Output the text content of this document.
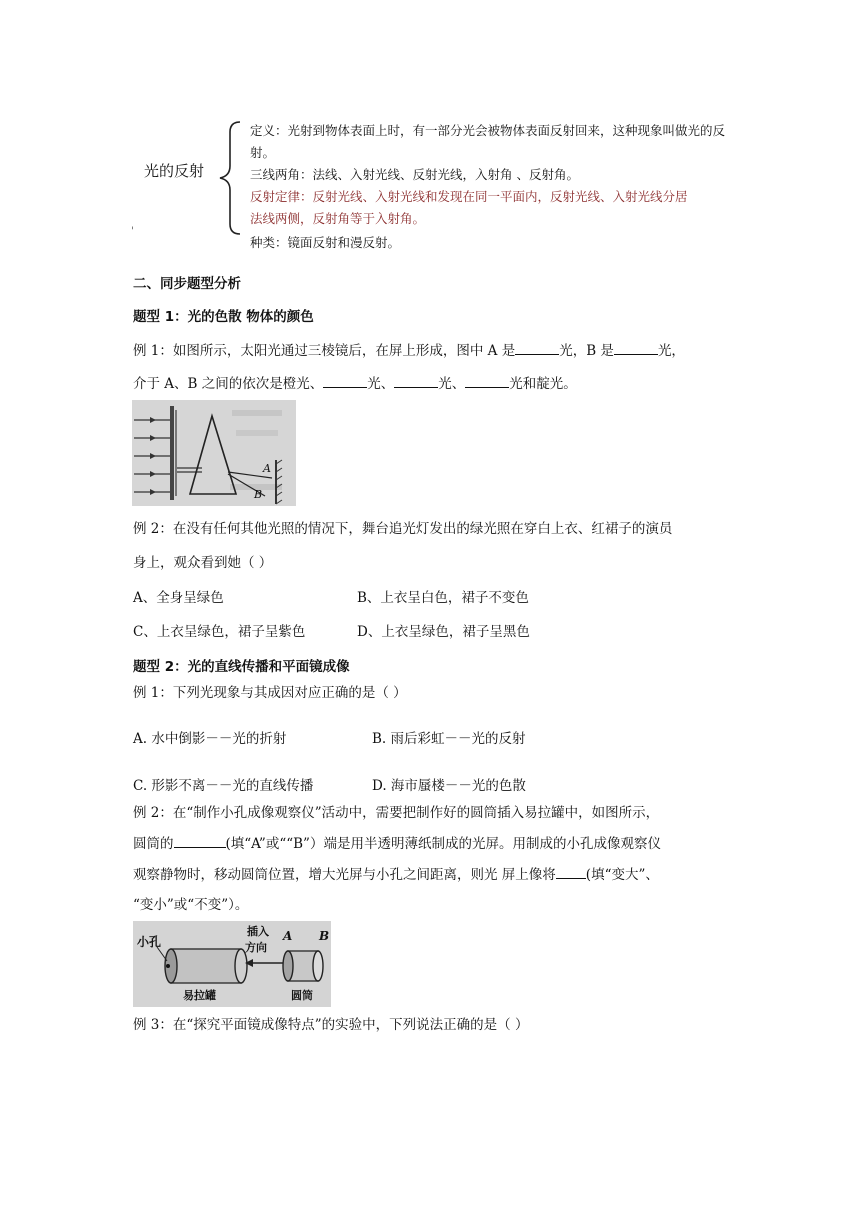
光的反射
定义：光射到物体表面上时，有一部分光会被物体表面反射回来，这种现象叫做光的反
射。
三线两角：法线、入射光线、反射光线，入射角 、反射角。
反射定律：反射光线、入射光线和发现在同一平面内，反射光线、入射光线分居
法线两侧，反射角等于入射角。
种类：镜面反射和漫反射。
'
二、同步题型分析
题型 1：光的色散 物体的颜色
例 1：如图所示，太阳光通过三棱镜后，在屏上形成，图中 A 是	光，B 是	光，
介于 A、B 之间的依次是橙光、	光、	光、	光和靛光。
A
B
例 2：在没有任何其他光照的情况下，舞台追光灯发出的绿光照在穿白上衣、红裙子的演员
身上，观众看到她（ ）
A、全身呈绿色	B、上衣呈白色，裙子不变色
C、上衣呈绿色，裙子呈紫色	D、上衣呈绿色，裙子呈黑色
题型 2：光的直线传播和平面镜成像
例 1：下列光现象与其成因对应正确的是（ ）
A. 水中倒影－－光的折射	B. 雨后彩虹－－光的反射
C. 形影不离－－光的直线传播	D. 海市蜃楼－－光的色散
例 2：在“制作小孔成像观察仪”活动中，需要把制作好的圆筒插入易拉罐中，如图所示，
圆筒的	(填“A”或““B”）端是用半透明薄纸制成的光屏。用制成的小孔成像观察仪
观察静物时，移动圆筒位置，增大光屏与小孔之间距离，则光 屏上像将 (填“变大”、
“变小”或“不变”）。
小孔
插入
方向
A B
易拉罐	圆筒
例 3：在“探究平面镜成像特点”的实验中，下列说法正确的是（ ）
